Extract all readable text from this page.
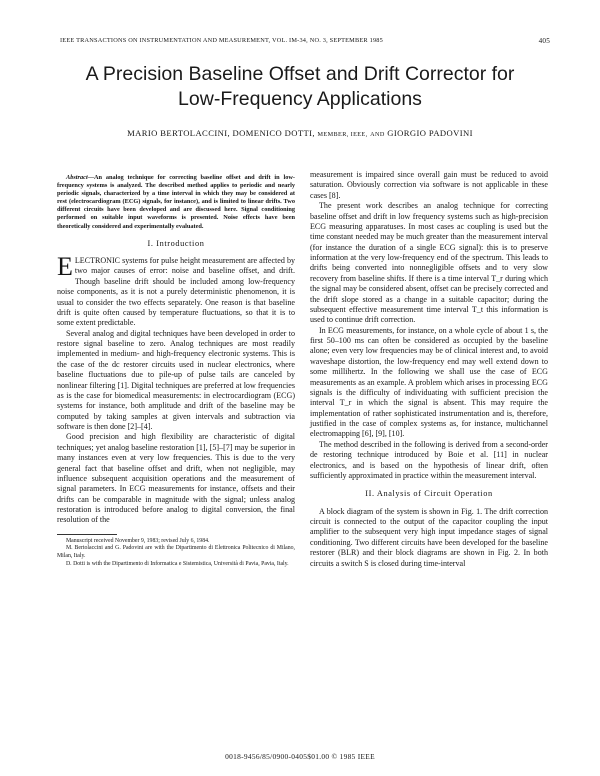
IEEE TRANSACTIONS ON INSTRUMENTATION AND MEASUREMENT, VOL. IM-34, NO. 3, SEPTEMBER 1985	405
A Precision Baseline Offset and Drift Corrector for
Low-Frequency Applications
MARIO BERTOLACCINI, DOMENICO DOTTI, MEMBER, IEEE, AND GIORGIO PADOVINI

Abstract—An analog technique for correcting baseline offset and drift in low-frequency systems is analyzed. The described method applies to periodic and nearly periodic signals, characterized by a time interval in which they may be considered at rest (electrocardiogram (ECG) signals, for instance), and is limited to linear drifts. Two different circuits have been developed and are discussed here. Signal conditioning performed on suitable input waveforms is presented. Noise effects have been theoretically considered and experimentally evaluated.

I. Introduction

ELECTRONIC systems for pulse height measurement are affected by two major causes of error: noise and baseline offset, and drift. Though baseline drift should be included among low-frequency noise components, as it is not a purely deterministic phenomenon, it is usual to consider the two effects separately. One reason is that baseline drift is quite often caused by temperature fluctuations, so that it is to some extent predictable.

Several analog and digital techniques have been developed in order to restore signal baseline to zero. Analog techniques are most readily implemented in medium- and high-frequency electronic systems. This is the case of the dc restorer circuits used in nuclear electronics, where baseline fluctuations due to pile-up of pulse tails are canceled by nonlinear filtering [1]. Digital techniques are preferred at low frequencies as is the case for biomedical measurements: in electrocardiogram (ECG) systems for instance, both amplitude and drift of the baseline may be computed by taking samples at given intervals and subtraction via software is then done [2]–[4].

Good precision and high flexibility are characteristic of digital techniques; yet analog baseline restoration [1], [5]–[7] may be superior in many instances even at very low frequencies. This is due to the very general fact that baseline offset and drift, when not negligible, may influence subsequent acquisition operations and the measurement of signal parameters. In ECG measurements for instance, offsets and their drifts can be comparable in magnitude with the signal; unless analog restoration is introduced before analog to digital conversion, the final resolution of the

Manuscript received November 9, 1983; revised July 6, 1984.

M. Bertolaccini and G. Padovini are with the Dipartimento di Elettronica Politecnico di Milano, Milan, Italy.

D. Dotti is with the Dipartimento di Informatica e Sistemistica, Università di Pavia, Pavia, Italy.

measurement is impaired since overall gain must be reduced to avoid saturation. Obviously correction via software is not applicable in these cases [8].

The present work describes an analog technique for correcting baseline offset and drift in low frequency systems such as high-precision ECG measuring apparatuses. In most cases ac coupling is used but the time constant needed may be much greater than the measurement interval (for instance the duration of a single ECG signal): this is to preserve information at the very low-frequency end of the spectrum. This leads to drifts being converted into nonnegligible offsets and to very slow recovery from baseline shifts. If there is a time interval T_r during which the signal may be considered absent, offset can be precisely corrected and the drift slope stored as a change in a suitable capacitor; during the subsequent effective measurement time interval T_t this information is used to continue drift correction.

In ECG measurements, for instance, on a whole cycle of about 1 s, the first 50–100 ms can often be considered as occupied by the baseline alone; even very low frequencies may be of clinical interest and, to avoid waveshape distortion, the low-frequency end may well extend down to some millihertz. In the following we shall use the case of ECG measurements as an example. A problem which arises in processing ECG signals is the difficulty of individuating with sufficient precision the interval T_r in which the signal is absent. This may require the implementation of rather sophisticated instrumentation and is, therefore, justified in the case of complex systems as, for instance, multichannel electromapping [6], [9], [10].

The method described in the following is derived from a second-order de restoring technique introduced by Boie et al. [11] in nuclear electronics, and is based on the hypothesis of linear drift, often sufficiently approximated in practice within the measurement interval.

II. Analysis of Circuit Operation

A block diagram of the system is shown in Fig. 1. The drift correction circuit is connected to the output of the capacitor coupling the input amplifier to the subsequent very high input impedance stages of signal conditioning. Two different circuits have been developed for the baseline restorer (BLR) and their block diagrams are shown in Fig. 2. In both circuits a switch S is closed during time-interval

0018-9456/85/0900-0405$01.00 © 1985 IEEE
